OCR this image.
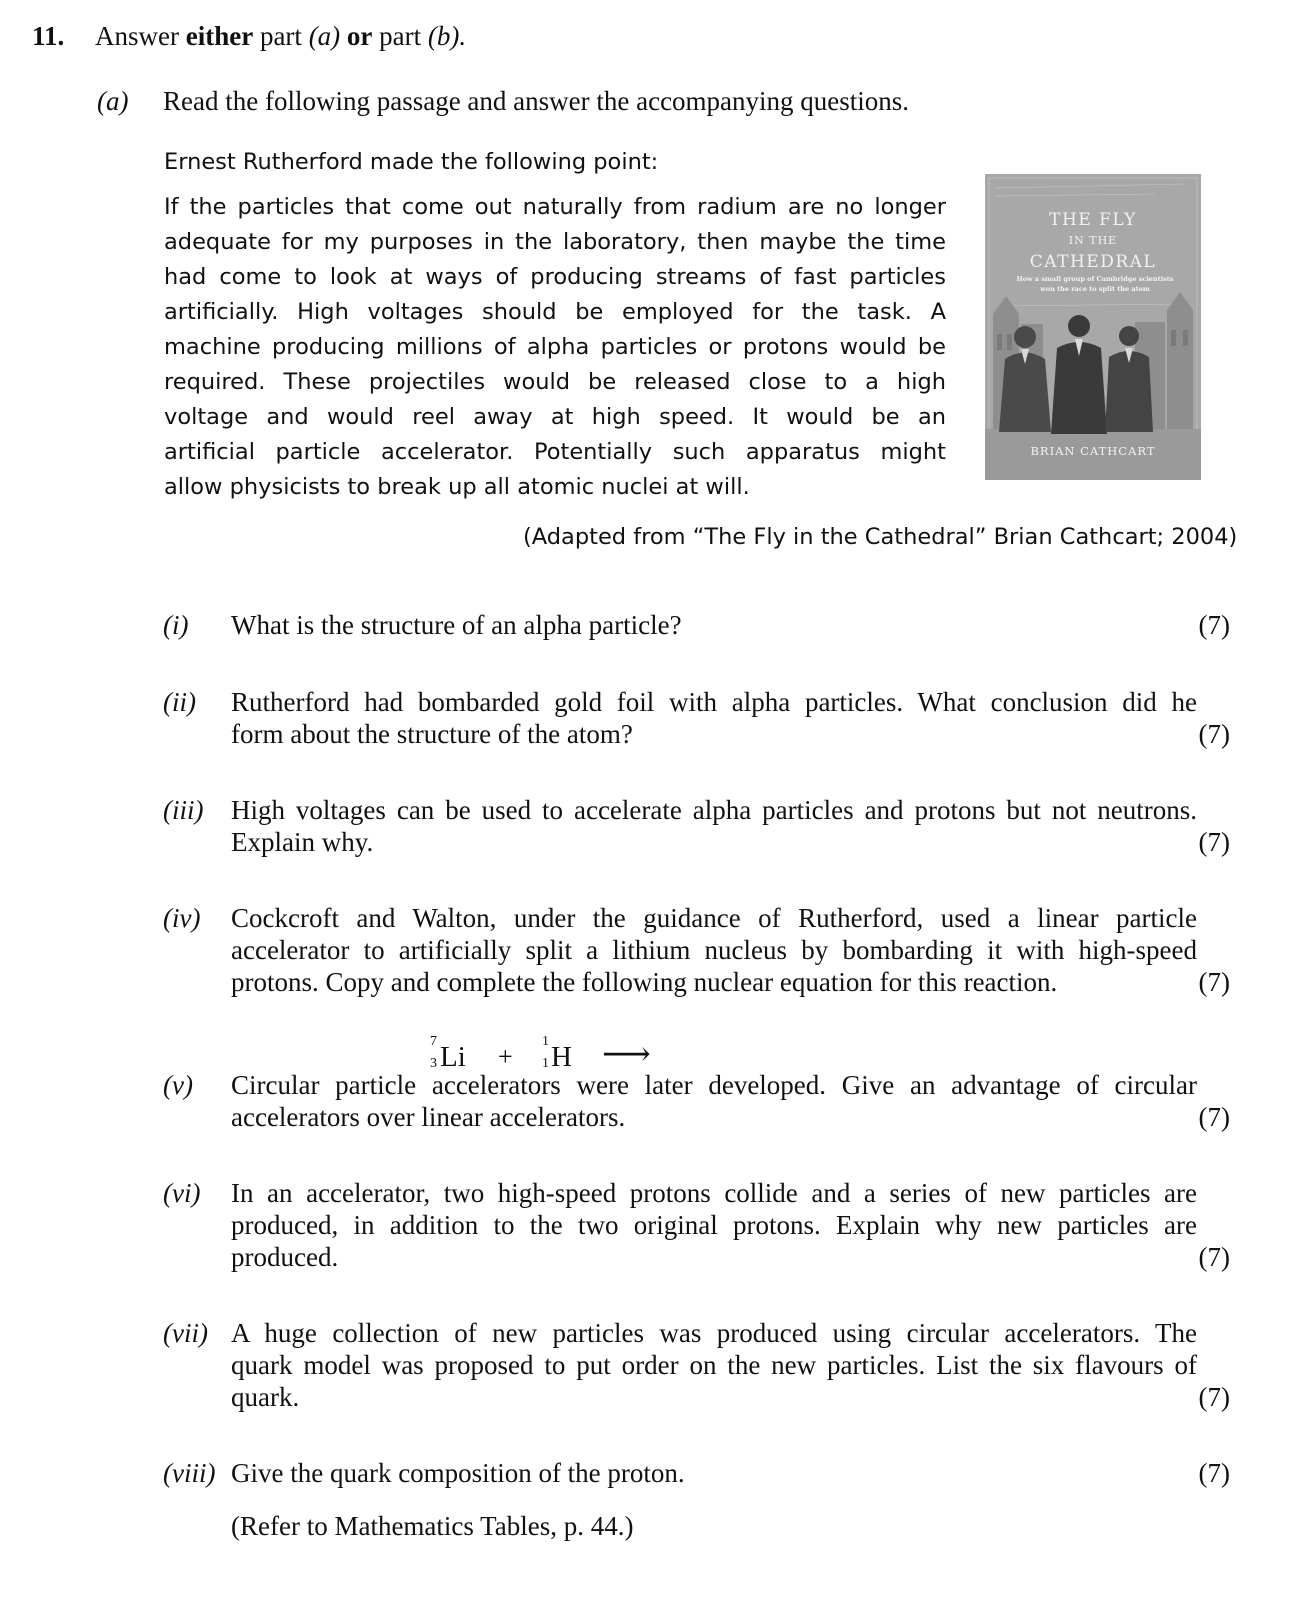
11. Answer either part (a) or part (b).
(a) Read the following passage and answer the accompanying questions.
Ernest Rutherford made the following point:
If the particles that come out naturally from radium are no longer
adequate for my purposes in the laboratory, then maybe the time
had come to look at ways of producing streams of fast particles
artificially. High voltages should be employed for the task. A
machine producing millions of alpha particles or protons would be
required. These projectiles would be released close to a high
voltage and would reel away at high speed. It would be an
artificial particle accelerator. Potentially such apparatus might
allow physicists to break up all atomic nuclei at will.
(Adapted from “The Fly in the Cathedral” Brian Cathcart; 2004)
THE FLY
IN THE
CATHEDRAL
How a small group of Cambridge scientists
won the race to split the atom
BRIAN CATHCART
(i) What is the structure of an alpha particle?	(7)
(ii) Rutherford had bombarded gold foil with alpha particles. What conclusion did he
form about the structure of the atom?	(7)
(iii) High voltages can be used to accelerate alpha particles and protons but not neutrons.
Explain why.	(7)
(iv) Cockcroft and Walton, under the guidance of Rutherford, used a linear particle
accelerator to artificially split a lithium nucleus by bombarding it with high-speed
protons. Copy and complete the following nuclear equation for this reaction.	(7)
7
3 Li +
1
1 H ⟶
(v) Circular particle accelerators were later developed. Give an advantage of circular
accelerators over linear accelerators.	(7)
(vi) In an accelerator, two high-speed protons collide and a series of new particles are
produced, in addition to the two original protons. Explain why new particles are
produced.	(7)
(vii) A huge collection of new particles was produced using circular accelerators. The
quark model was proposed to put order on the new particles. List the six flavours of
quark.	(7)
(viii) Give the quark composition of the proton.	(7)
(Refer to Mathematics Tables, p. 44.)
